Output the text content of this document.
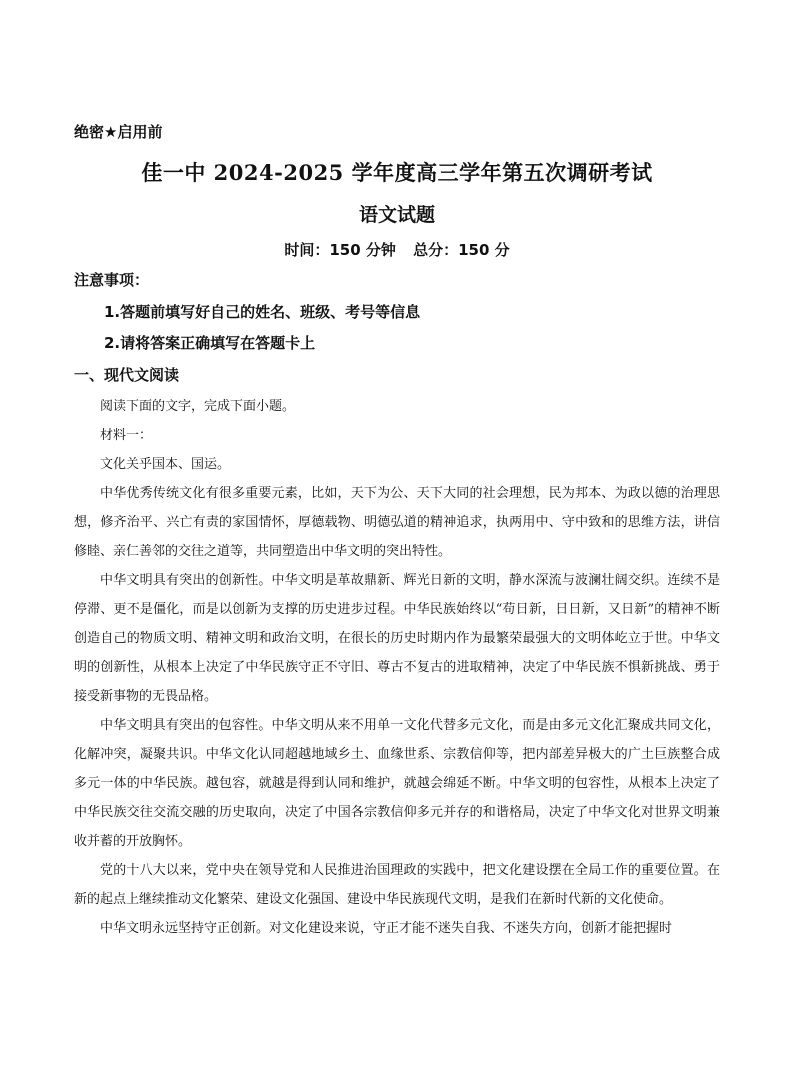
绝密★启用前
佳一中 2024-2025 学年度高三学年第五次调研考试
语文试题
时间：150 分钟 总分：150 分
注意事项：
1.答题前填写好自己的姓名、班级、考号等信息
2.请将答案正确填写在答题卡上
一、现代文阅读

阅读下面的文字，完成下面小题。

材料一：

文化关乎国本、国运。

中华优秀传统文化有很多重要元素，比如，天下为公、天下大同的社会理想，民为邦本、为政以德的治理思想，修齐治平、兴亡有责的家国情怀，厚德载物、明德弘道的精神追求，执两用中、守中致和的思维方法，讲信修睦、亲仁善邻的交往之道等，共同塑造出中华文明的突出特性。

中华文明具有突出的创新性。中华文明是革故鼎新、辉光日新的文明，静水深流与波澜壮阔交织。连续不是停滞、更不是僵化，而是以创新为支撑的历史进步过程。中华民族始终以“苟日新，日日新，又日新”的精神不断创造自己的物质文明、精神文明和政治文明，在很长的历史时期内作为最繁荣最强大的文明体屹立于世。中华文明的创新性，从根本上决定了中华民族守正不守旧、尊古不复古的进取精神，决定了中华民族不惧新挑战、勇于接受新事物的无畏品格。

中华文明具有突出的包容性。中华文明从来不用单一文化代替多元文化，而是由多元文化汇聚成共同文化，化解冲突，凝聚共识。中华文化认同超越地域乡土、血缘世系、宗教信仰等，把内部差异极大的广土巨族整合成多元一体的中华民族。越包容，就越是得到认同和维护，就越会绵延不断。中华文明的包容性，从根本上决定了中华民族交往交流交融的历史取向，决定了中国各宗教信仰多元并存的和谐格局，决定了中华文化对世界文明兼收并蓄的开放胸怀。

党的十八大以来，党中央在领导党和人民推进治国理政的实践中，把文化建设摆在全局工作的重要位置。在新的起点上继续推动文化繁荣、建设文化强国、建设中华民族现代文明，是我们在新时代新的文化使命。

中华文明永远坚持守正创新。对文化建设来说，守正才能不迷失自我、不迷失方向，创新才能把握时
